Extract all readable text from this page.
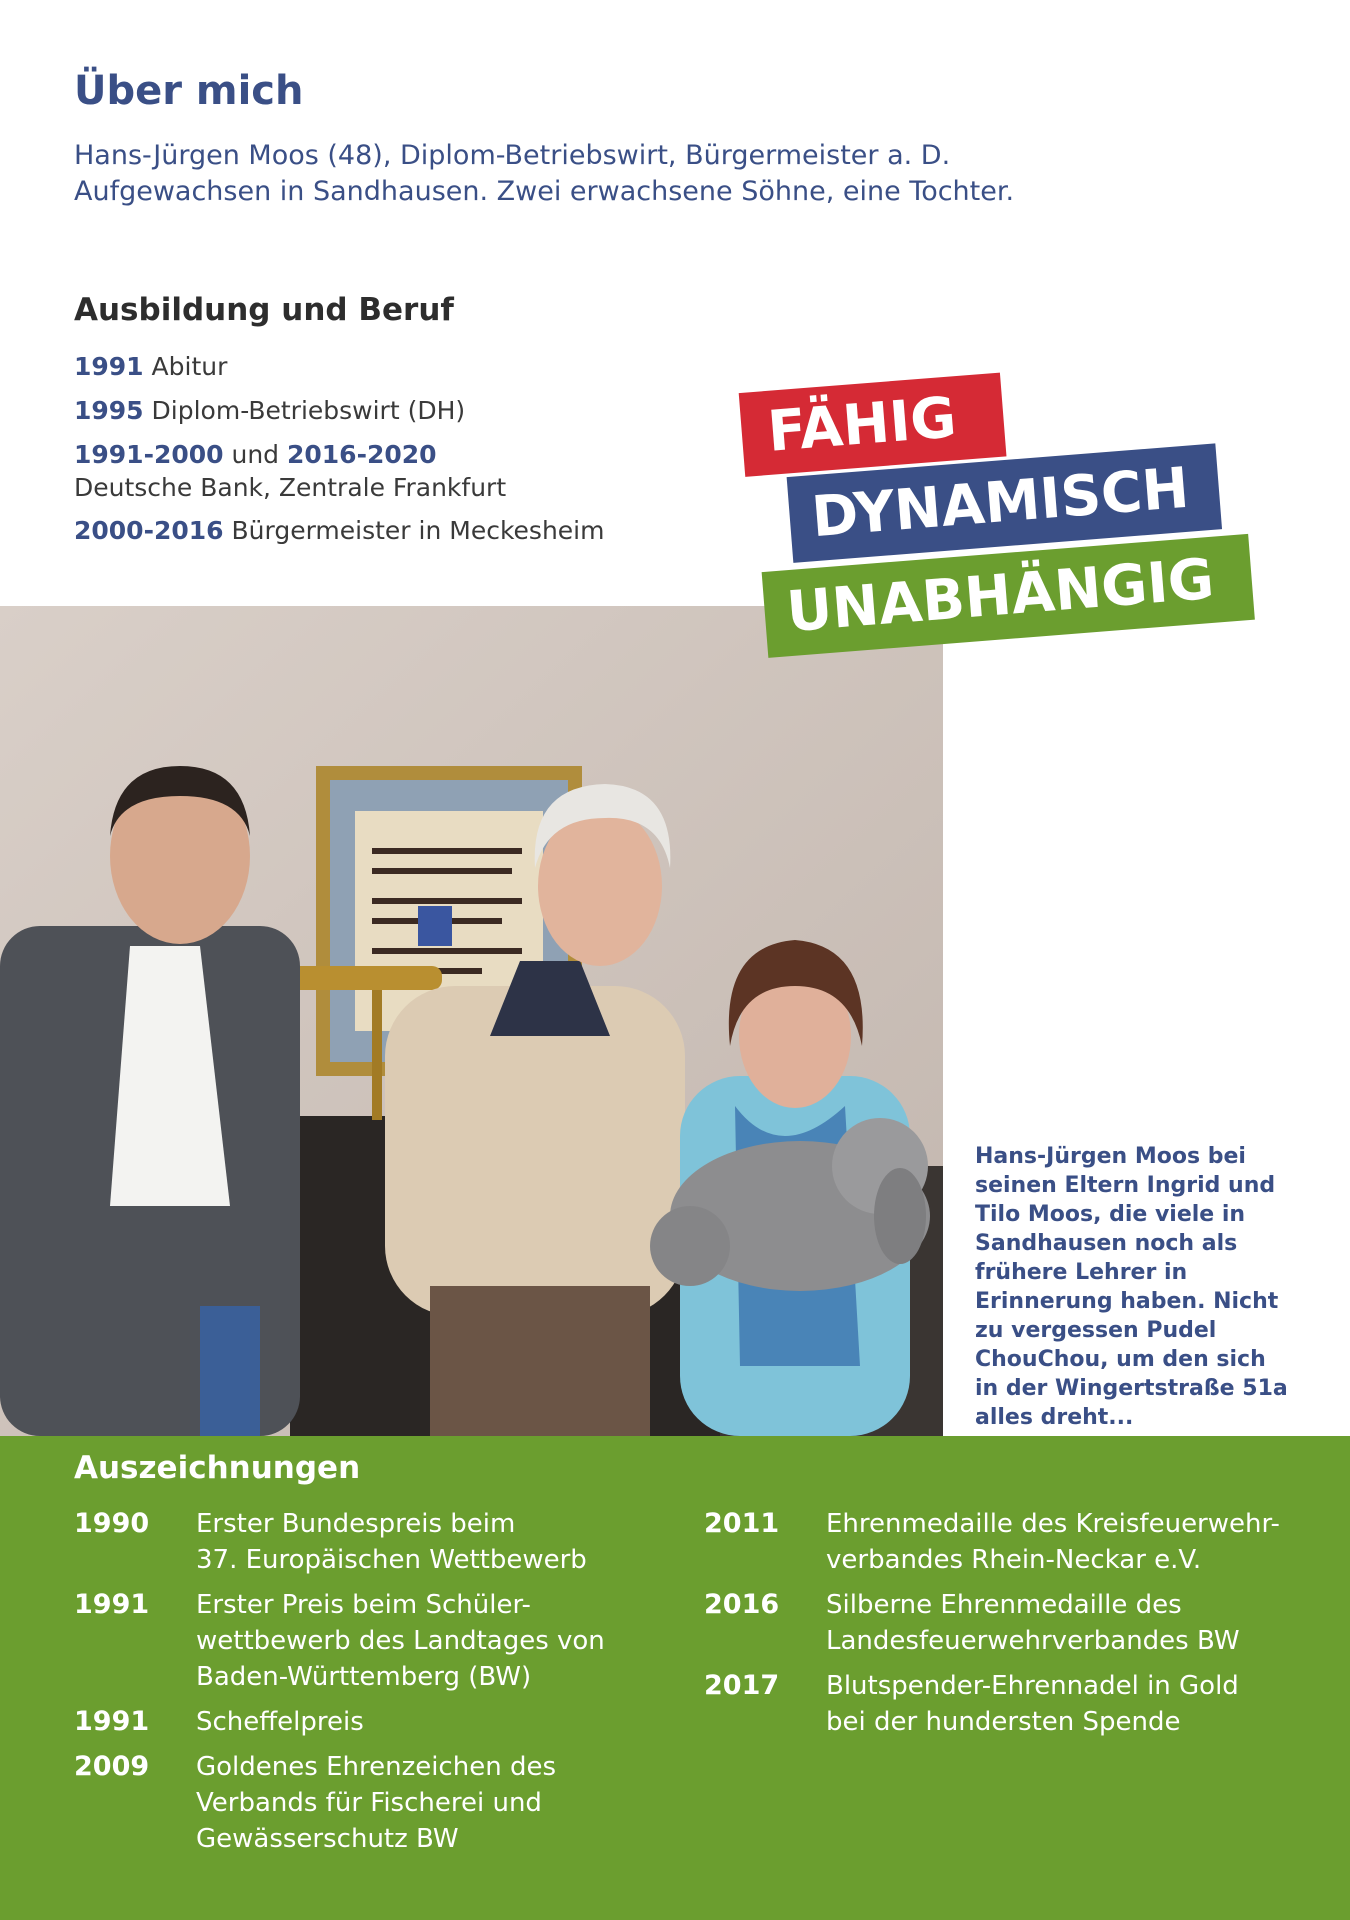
Über mich
Hans-Jürgen Moos (48), Diplom-Betriebswirt, Bürgermeister a. D.
Aufgewachsen in Sandhausen. Zwei erwachsene Söhne, eine Tochter.
Ausbildung und Beruf
1991 Abitur
1995 Diplom-Betriebswirt (DH)
1991-2000 und 2016-2020
Deutsche Bank, Zentrale Frankfurt
2000-2016 Bürgermeister in Meckesheim
FÄHIG
DYNAMISCH
UNABHÄNGIG
Hans-Jürgen Moos bei seinen Eltern Ingrid und Tilo Moos, die viele in Sandhausen noch als frühere Lehrer in Erinnerung haben. Nicht zu vergessen Pudel ChouChou, um den sich in der Wingertstraße 51a alles dreht...
Auszeichnungen
1990	Erster Bundespreis beim
37. Europäischen Wettbewerb
1991	Erster Preis beim Schüler-
wettbewerb des Landtages von
Baden-Württemberg (BW)
1991	Scheffelpreis
2009	Goldenes Ehrenzeichen des
Verbands für Fischerei und
Gewässerschutz BW
2011	Ehrenmedaille des Kreisfeuerwehr-
verbandes Rhein-Neckar e.V.
2016	Silberne Ehrenmedaille des
Landesfeuerwehrverbandes BW
2017	Blutspender-Ehrennadel in Gold
bei der hundersten Spende
